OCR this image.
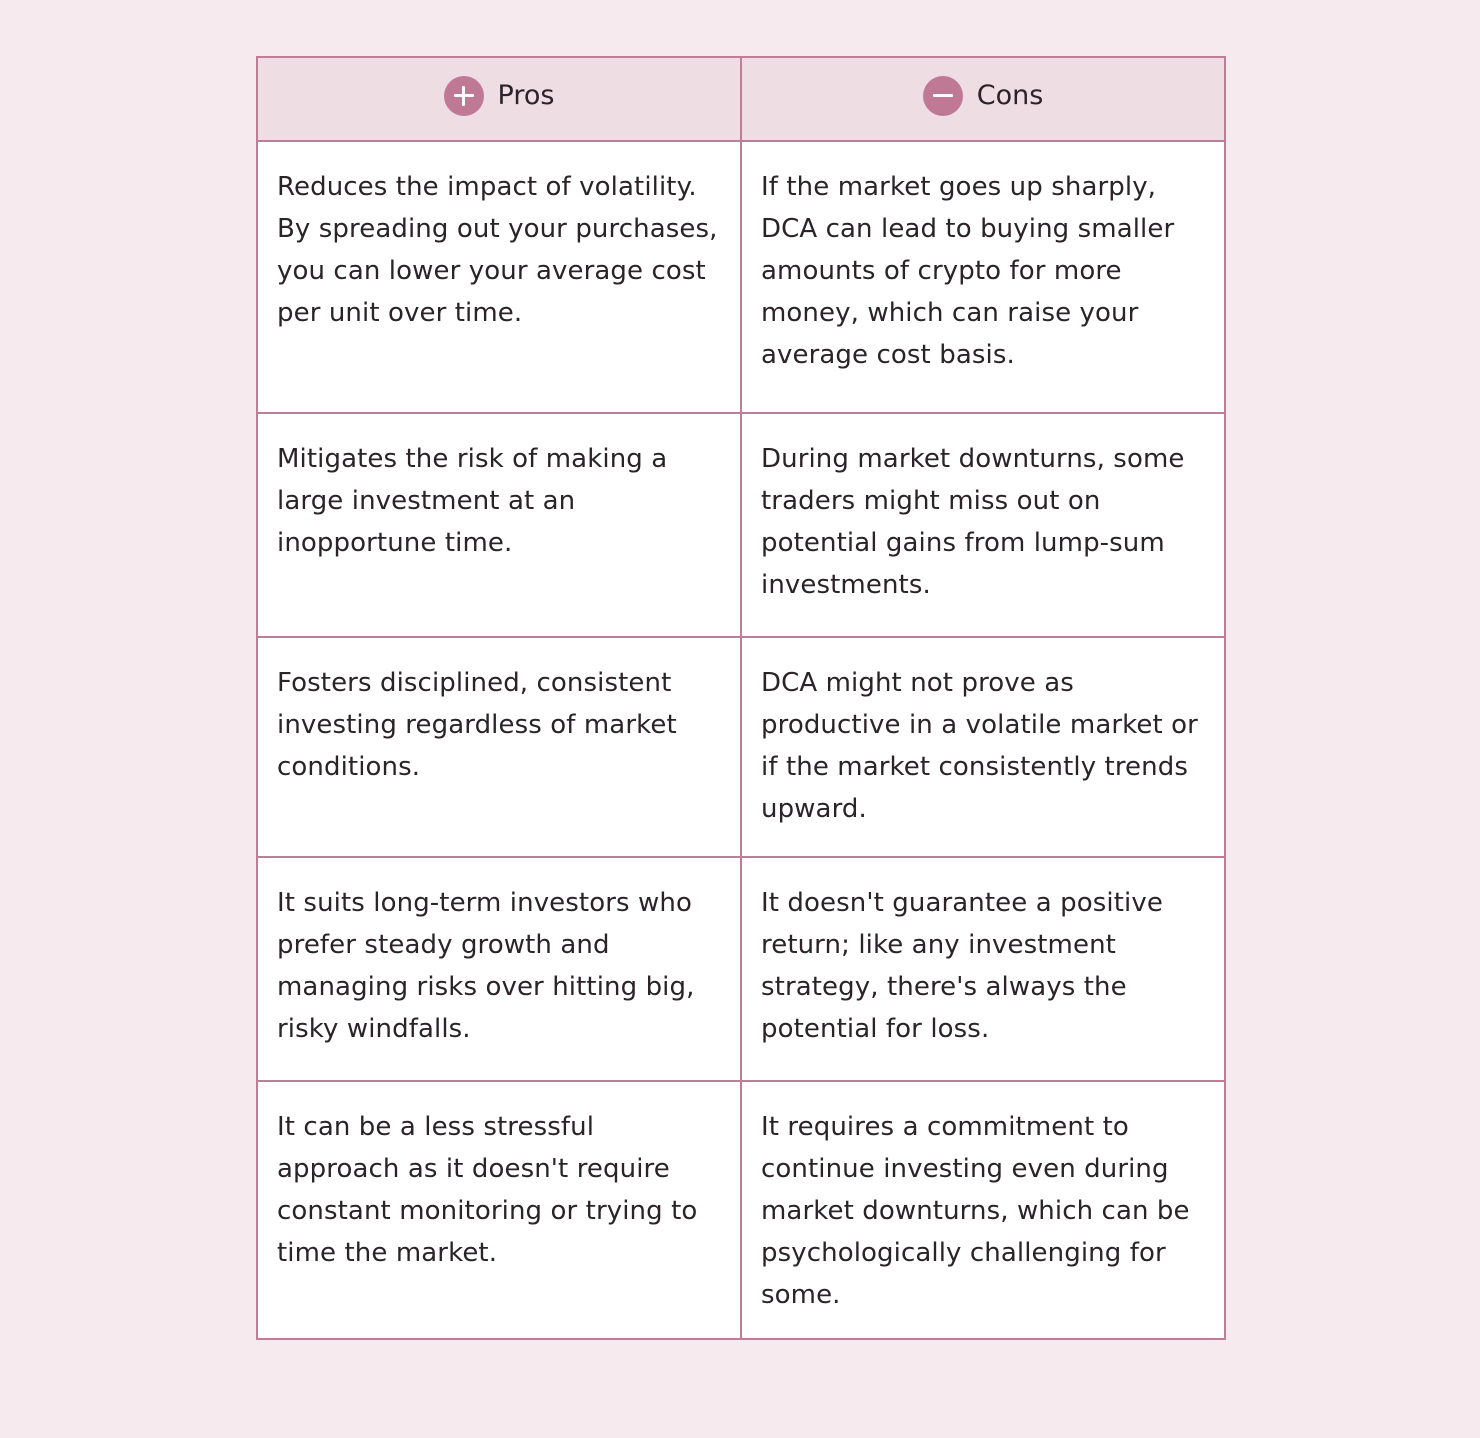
Pros	Cons

Reduces the impact of volatility. By spreading out your purchases, you can lower your average cost per unit over time.	If the market goes up sharply, DCA can lead to buying smaller amounts of crypto for more money, which can raise your average cost basis.
Mitigates the risk of making a large investment at an inopportune time.	During market downturns, some traders might miss out on potential gains from lump-sum investments.
Fosters disciplined, consistent investing regardless of market conditions.	DCA might not prove as productive in a volatile market or if the market consistently trends upward.
It suits long-term investors who prefer steady growth and managing risks over hitting big, risky windfalls.	It doesn't guarantee a positive return; like any investment strategy, there's always the potential for loss.
It can be a less stressful approach as it doesn't require constant monitoring or trying to time the market.	It requires a commitment to continue investing even during market downturns, which can be psychologically challenging for some.
